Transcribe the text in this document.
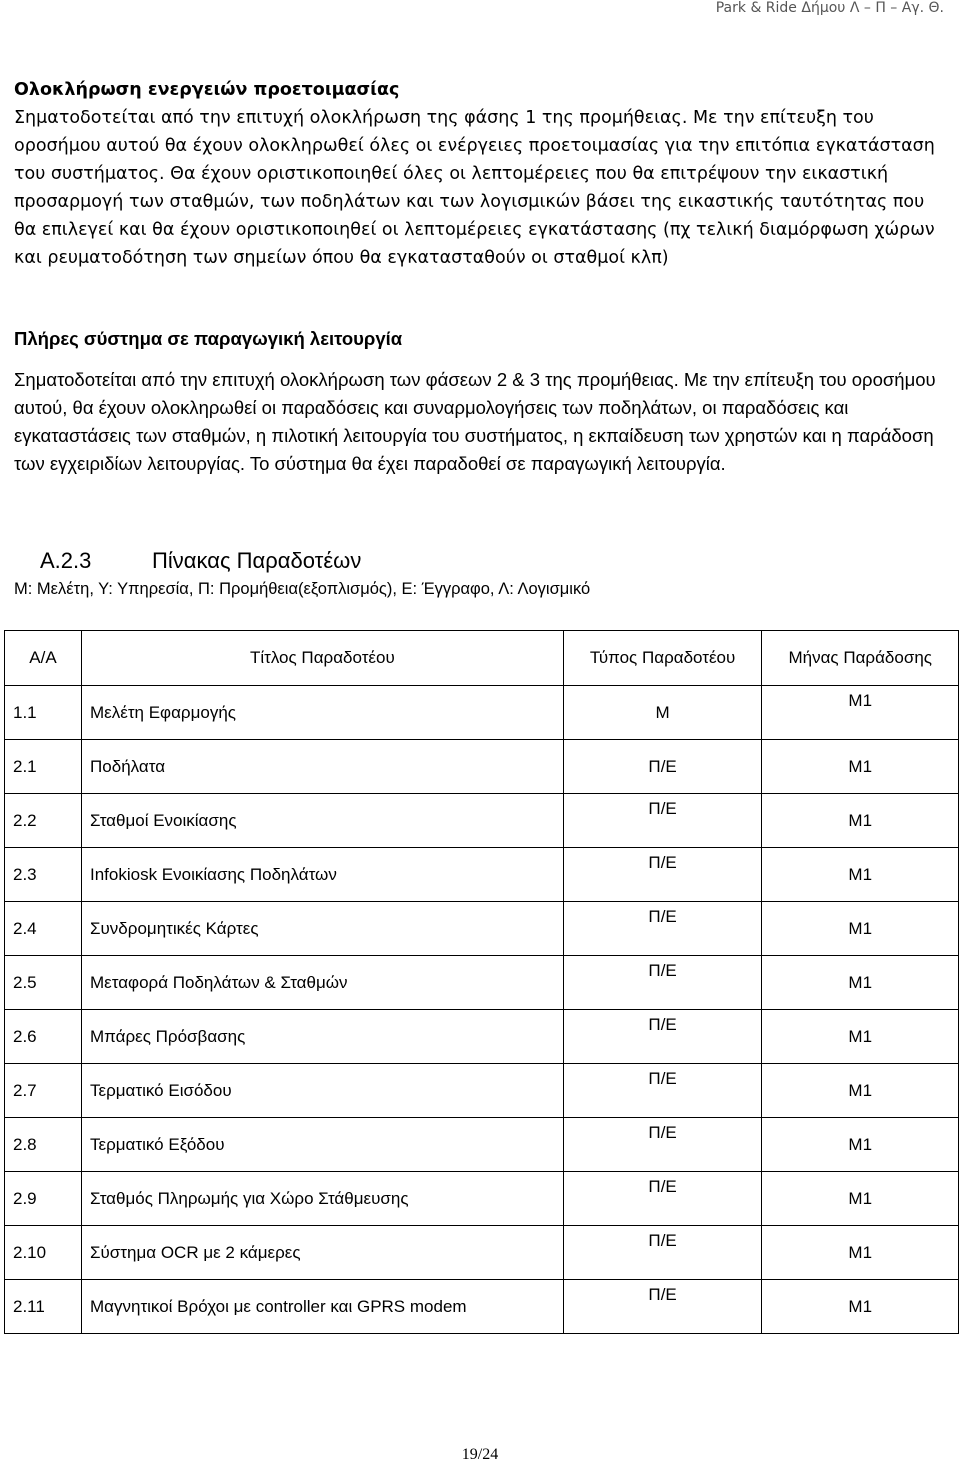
Park & Ride Δήμου Λ – Π – Αγ. Θ.

Ολοκλήρωση ενεργειών προετοιμασίας

Σηματοδοτείται από την επιτυχή ολοκλήρωση της φάσης 1 της προμήθειας. Με την επίτευξη του οροσήμου αυτού θα έχουν ολοκληρωθεί όλες οι ενέργειες προετοιμασίας για την επιτόπια εγκατάσταση του συστήματος. Θα έχουν οριστικοποιηθεί όλες οι λεπτομέρειες που θα επιτρέψουν την εικαστική προσαρμογή των σταθμών, των ποδηλάτων και των λογισμικών βάσει της εικαστικής ταυτότητας που θα επιλεγεί και θα έχουν οριστικοποιηθεί οι λεπτομέρειες εγκατάστασης (πχ τελική διαμόρφωση χώρων και ρευματοδότηση των σημείων όπου θα εγκατασταθούν οι σταθμοί κλπ)

Πλήρες σύστημα σε παραγωγική λειτουργία

Σηματοδοτείται από την επιτυχή ολοκλήρωση των φάσεων 2 & 3 της προμήθειας. Με την επίτευξη του οροσήμου αυτού, θα έχουν ολοκληρωθεί οι παραδόσεις και συναρμολογήσεις των ποδηλάτων, οι παραδόσεις και εγκαταστάσεις των σταθμών, η πιλοτική λειτουργία του συστήματος, η εκπαίδευση των χρηστών και η παράδοση των εγχειριδίων λειτουργίας. Το σύστημα θα έχει παραδοθεί σε παραγωγική λειτουργία.

Α.2.3	Πίνακας Παραδοτέων
Μ: Μελέτη, Υ: Υπηρεσία, Π: Προμήθεια(εξοπλισμός), Ε: Έγγραφο, Λ: Λογισμικό
Α/Α	Τίτλος Παραδοτέου	Τύπος Παραδοτέου	Μήνας Παράδοσης
1.1	Μελέτη Εφαρμογής	Μ	Μ1
2.1	Ποδήλατα	Π/Ε	Μ1
2.2	Σταθμοί Ενοικίασης	Π/Ε	Μ1
2.3	Infokiosk Ενοικίασης Ποδηλάτων	Π/Ε	Μ1
2.4	Συνδρομητικές Κάρτες	Π/Ε	Μ1
2.5	Μεταφορά Ποδηλάτων & Σταθμών	Π/Ε	Μ1
2.6	Μπάρες Πρόσβασης	Π/Ε	Μ1
2.7	Τερματικό Εισόδου	Π/Ε	Μ1
2.8	Τερματικό Εξόδου	Π/Ε	Μ1
2.9	Σταθμός Πληρωμής για Χώρο Στάθμευσης	Π/Ε	Μ1
2.10	Σύστημα OCR με 2 κάμερες	Π/Ε	Μ1
2.11	Μαγνητικοί Βρόχοι με controller και GPRS modem	Π/Ε	Μ1
19/24
